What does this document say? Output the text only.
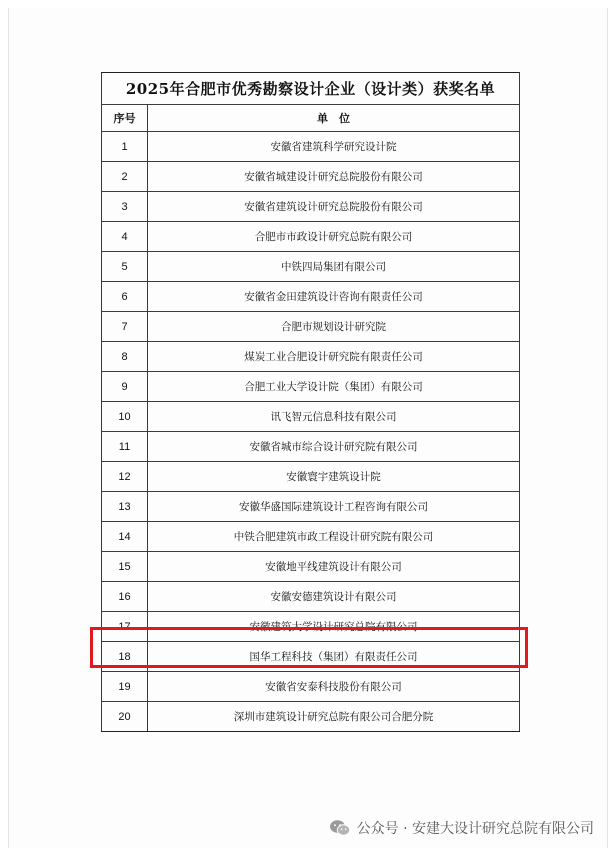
2025年合肥市优秀勘察设计企业（设计类）获奖名单	
序号	单　位
1	安徽省建筑科学研究设计院
2	安徽省城建设计研究总院股份有限公司
3	安徽省建筑设计研究总院股份有限公司
4	合肥市市政设计研究总院有限公司
5	中铁四局集团有限公司
6	安徽省金田建筑设计咨询有限责任公司
7	合肥市规划设计研究院
8	煤炭工业合肥设计研究院有限责任公司
9	合肥工业大学设计院（集团）有限公司
10	讯飞智元信息科技有限公司
11	安徽省城市综合设计研究院有限公司
12	安徽寰宇建筑设计院
13	安徽华盛国际建筑设计工程咨询有限公司
14	中铁合肥建筑市政工程设计研究院有限公司
15	安徽地平线建筑设计有限公司
16	安徽安德建筑设计有限公司
17	安徽建筑大学设计研究总院有限公司
18	国华工程科技（集团）有限责任公司
19	安徽省安泰科技股份有限公司
20	深圳市建筑设计研究总院有限公司合肥分院
公众号 · 安建大设计研究总院有限公司
